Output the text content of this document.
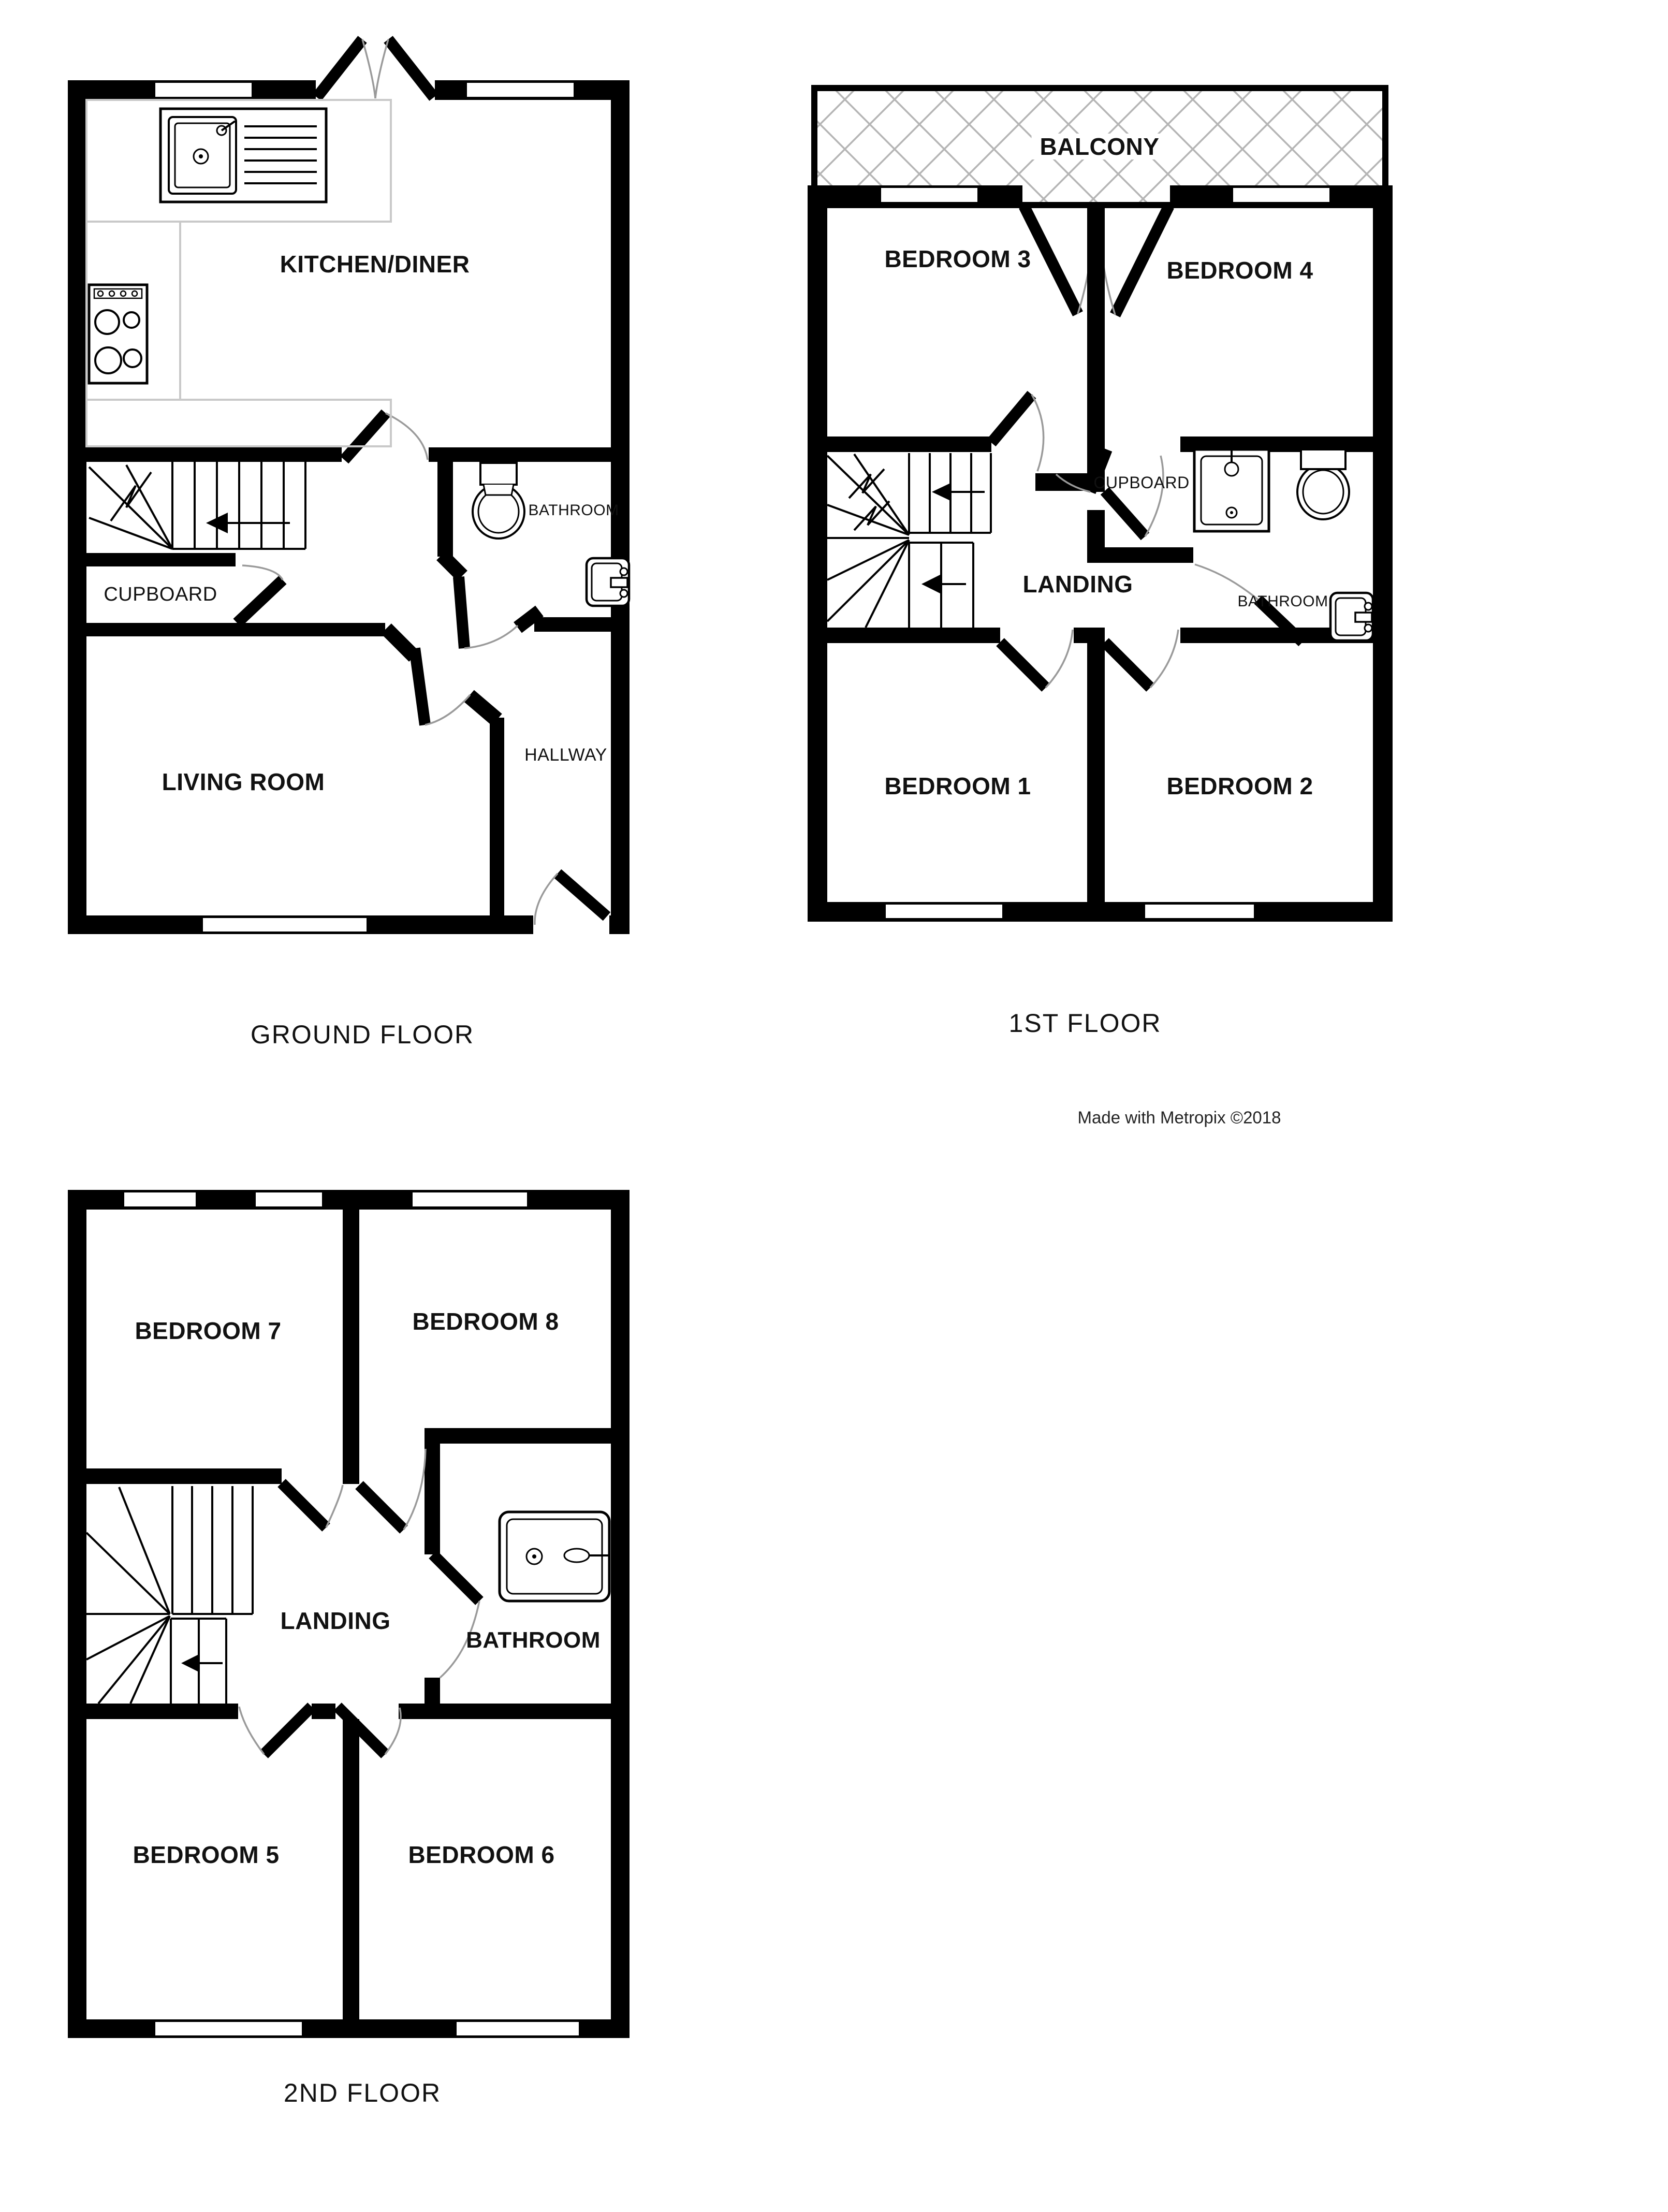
KITCHEN/DINER
BATHROOM
CUPBOARD
HALLWAY
LIVING ROOM
GROUND FLOOR
BALCONY
BEDROOM 3	BEDROOM 4
CUPBOARD
LANDING
BATHROOM
BEDROOM 1	BEDROOM 2
1ST FLOOR
Made with Metropix ©2018
BEDROOM 7	BEDROOM 8
LANDING
BATHROOM
BEDROOM 5	BEDROOM 6
2ND FLOOR
